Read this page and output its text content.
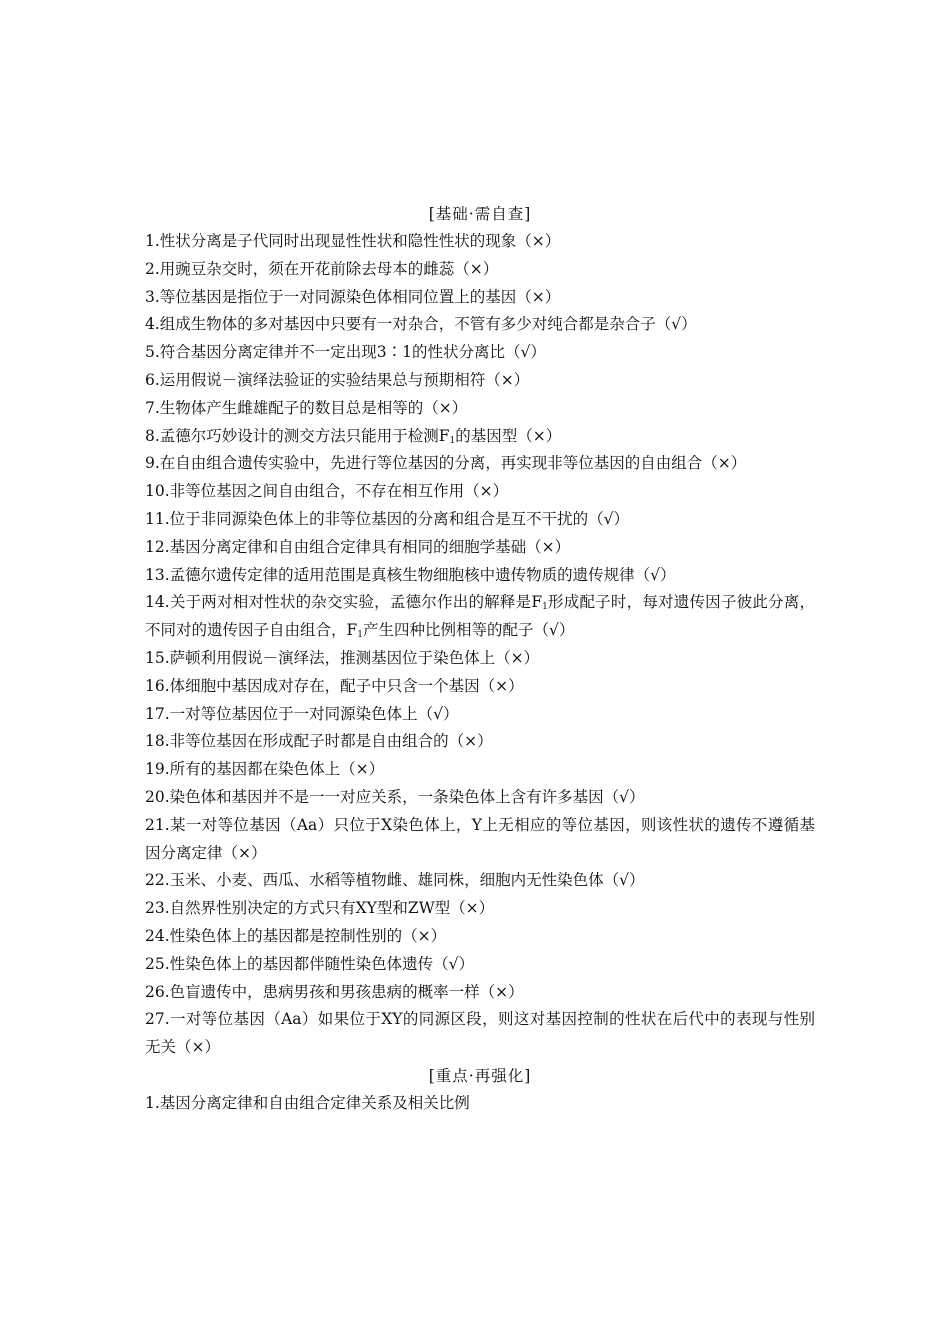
[基础·需自查]
1.性状分离是子代同时出现显性性状和隐性性状的现象（×）
2.用豌豆杂交时，须在开花前除去母本的雌蕊（×）
3.等位基因是指位于一对同源染色体相同位置上的基因（×）
4.组成生物体的多对基因中只要有一对杂合，不管有多少对纯合都是杂合子（√）
5.符合基因分离定律并不一定出现3∶1的性状分离比（√）
6.运用假说－演绎法验证的实验结果总与预期相符（×）
7.生物体产生雌雄配子的数目总是相等的（×）
8.孟德尔巧妙设计的测交方法只能用于检测$F_1$的基因型（×）
9.在自由组合遗传实验中，先进行等位基因的分离，再实现非等位基因的自由组合（×）
10.非等位基因之间自由组合，不存在相互作用（×）
11.位于非同源染色体上的非等位基因的分离和组合是互不干扰的（√）
12.基因分离定律和自由组合定律具有相同的细胞学基础（×）
13.孟德尔遗传定律的适用范围是真核生物细胞核中遗传物质的遗传规律（√）
14.关于两对相对性状的杂交实验，孟德尔作出的解释是$F_1$形成配子时，每对遗传因子彼此分离，不同对的遗传因子自由组合，$F_1$产生四种比例相等的配子（√）
15.萨顿利用假说－演绎法，推测基因位于染色体上（×）
16.体细胞中基因成对存在，配子中只含一个基因（×）
17.一对等位基因位于一对同源染色体上（√）
18.非等位基因在形成配子时都是自由组合的（×）
19.所有的基因都在染色体上（×）
20.染色体和基因并不是一一对应关系，一条染色体上含有许多基因（√）
21.某一对等位基因（Aa）只位于X染色体上，Y上无相应的等位基因，则该性状的遗传不遵循基因分离定律（×）
22.玉米、小麦、西瓜、水稻等植物雌、雄同株，细胞内无性染色体（√）
23.自然界性别决定的方式只有XY型和ZW型（×）
24.性染色体上的基因都是控制性别的（×）
25.性染色体上的基因都伴随性染色体遗传（√）
26.色盲遗传中，患病男孩和男孩患病的概率一样（×）
27.一对等位基因（Aa）如果位于XY的同源区段，则这对基因控制的性状在后代中的表现与性别无关（×）
[重点·再强化]
1.基因分离定律和自由组合定律关系及相关比例
